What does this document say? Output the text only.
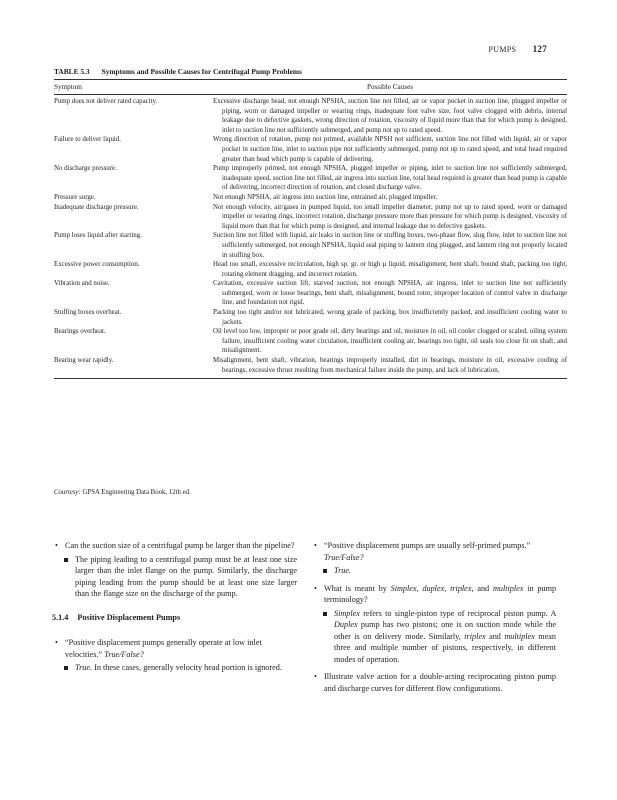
PUMPS 127
TABLE 5.3 Symptoms and Possible Causes for Centrifugal Pump Problems
Symptom	Possible Causes
Pump does not deliver rated capacity.	Excessive discharge head, not enough NPSHA, suction line not filled, air or vapor pocket in suction line, plugged impeller or piping, worn or damaged impeller or wearing rings, inadequate foot valve size, foot valve clogged with debris, internal leakage due to defective gaskets, wrong direction of rotation, viscosity of liquid more than that for which pump is designed, inlet to suction line not sufficiently submerged, and pump not up to rated speed.
Failure to deliver liquid.	Wrong direction of rotation, pump not primed, available NPSH not sufficient, suction line not filled with liquid, air or vapor pocket in suction line, inlet to suction pipe not sufficiently submerged, pump not up to rated speed, and total head required greater than head which pump is capable of delivering.
No discharge pressure.	Pump improperly primed, not enough NPSHA, plugged impeller or piping, inlet to suction line not sufficiently submerged, inadequate speed, suction line not filled, air ingress into suction line, total head required is greater than head pump is capable of delivering, incorrect direction of rotation, and closed discharge valve.
Pressure surge.	Not enough NPSHA, air ingress into suction line, entrained air, plugged impeller.
Inadequate discharge pressure.	Not enough velocity, air/gases in pumped liquid, too small impeller diameter, pump not up to rated speed, worn or damaged impeller or wearing rings, incorrect rotation, discharge pressure more than pressure for which pump is designed, viscosity of liquid more than that for which pump is designed, and internal leakage due to defective gaskets.
Pump loses liquid after starting.	Suction line not filled with liquid, air leaks in suction line or stuffing boxes, two-phase flow, slug flow, inlet to suction line not sufficiently submerged, not enough NPSHA, liquid seal piping to lantern ring plugged, and lantern ring not properly located in stuffing box.
Excessive power consumption.	Head too small, excessive recirculation, high sp. gr. or high µ liquid, misalignment, bent shaft, bound shaft, packing too tight, rotating element dragging, and incorrect rotation.
Vibration and noise.	Cavitation, excessive suction lift, starved suction, not enough NPSHA, air ingress, inlet to suction line not sufficiently submerged, worn or loose bearings, bent shaft, misalignment, bound rotor, improper location of control valve in discharge line, and foundation not rigid.
Stuffing boxes overheat.	Packing too tight and/or not lubricated, wrong grade of packing, box insufficiently packed, and insufficient cooling water to jackets.
Bearings overheat.	Oil level too low, improper or poor grade oil, dirty bearings and oil, moisture in oil, oil cooler clogged or scaled, oiling system failure, insufficient cooling water circulation, insufficient cooling air, bearings too tight, oil seals too close fit on shaft, and misalignment.
Bearing wear rapidly.	Misalignment, bent shaft, vibration, bearings improperly installed, dirt in bearings, moisture in oil, excessive cooling of bearings, excessive thrust resulting from mechanical failure inside the pump, and lack of lubrication.
Courtesy: GPSA Engineering Data Book, 12th ed.
• Can the suction size of a centrifugal pump be larger than the pipeline?
The piping leading to a centrifugal pump must be at least one size larger than the inlet flange on the pump. Similarly, the discharge piping leading from the pump should be at least one size larger than the flange size on the discharge of the pump.
5.1.4 Positive Displacement Pumps
• “Positive displacement pumps generally operate at low inlet velocities.” True/False?
True. In these cases, generally velocity head portion is ignored.
• “Positive displacement pumps are usually self-primed pumps.” True/False?
True.
• What is meant by Simplex, duplex, triplex, and multiplex in pump terminology?
Simplex refers to single-piston type of reciprocal piston pump. A Duplex pump has two pistons; one is on suction mode while the other is on delivery mode. Similarly, triplex and multiplex mean three and multiple number of pistons, respectively, in different modes of operation.
• Illustrate valve action for a double-acting reciprocating piston pump and discharge curves for different flow configurations.
